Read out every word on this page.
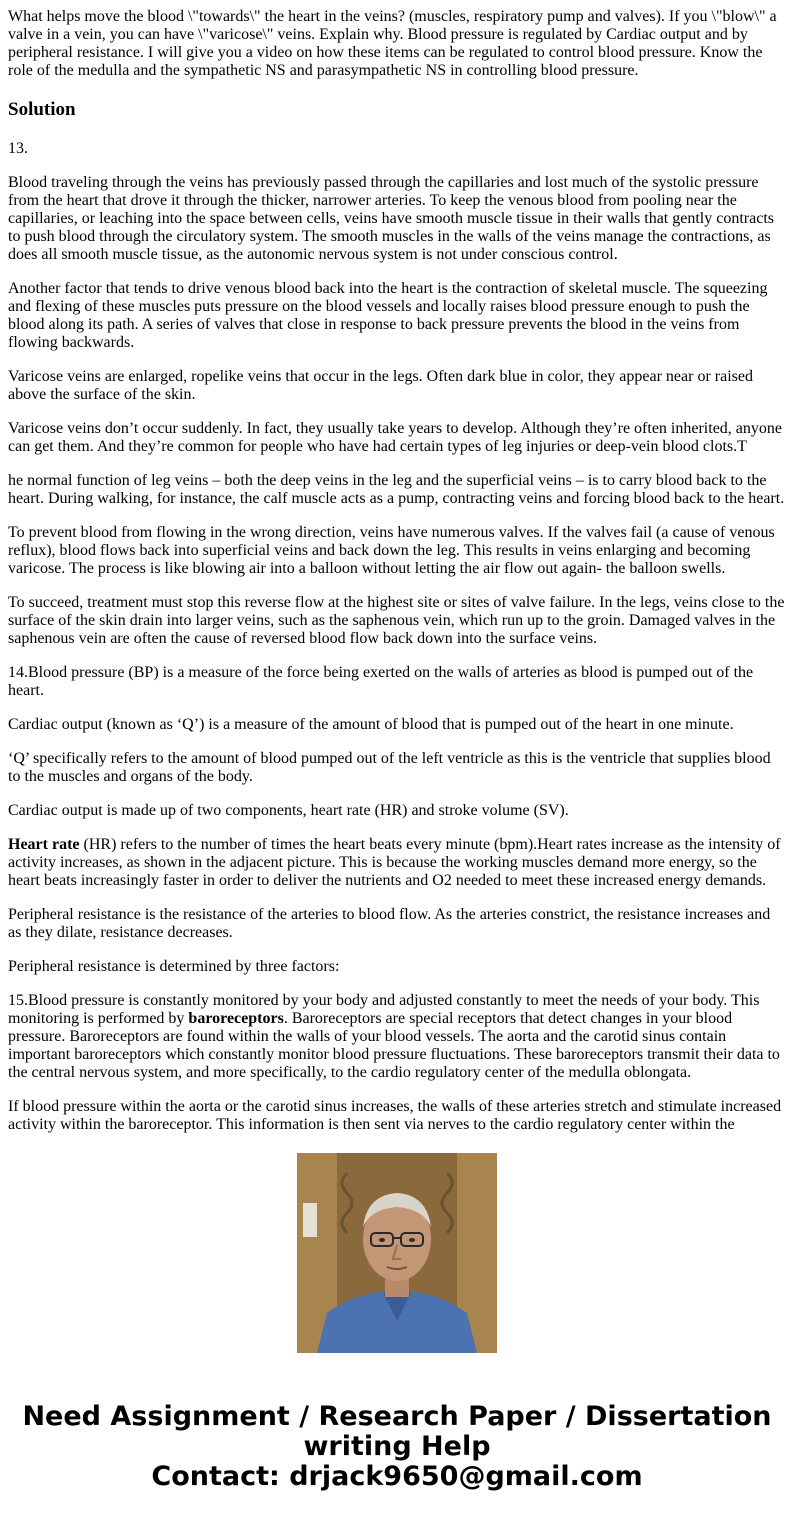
What helps move the blood \"towards\" the heart in the veins? (muscles, respiratory pump and valves). If you \"blow\" a valve in a vein, you can have \"varicose\" veins. Explain why. Blood pressure is regulated by Cardiac output and by peripheral resistance. I will give you a video on how these items can be regulated to control blood pressure. Know the role of the medulla and the sympathetic NS and parasympathetic NS in controlling blood pressure.

Solution

13.

Blood traveling through the veins has previously passed through the capillaries and lost much of the systolic pressure from the heart that drove it through the thicker, narrower arteries. To keep the venous blood from pooling near the capillaries, or leaching into the space between cells, veins have smooth muscle tissue in their walls that gently contracts to push blood through the circulatory system. The smooth muscles in the walls of the veins manage the contractions, as does all smooth muscle tissue, as the autonomic nervous system is not under conscious control.

Another factor that tends to drive venous blood back into the heart is the contraction of skeletal muscle. The squeezing and flexing of these muscles puts pressure on the blood vessels and locally raises blood pressure enough to push the blood along its path. A series of valves that close in response to back pressure prevents the blood in the veins from flowing backwards.

Varicose veins are enlarged, ropelike veins that occur in the legs. Often dark blue in color, they appear near or raised above the surface of the skin.

Varicose veins don’t occur suddenly. In fact, they usually take years to develop. Although they’re often inherited, anyone can get them. And they’re common for people who have had certain types of leg injuries or deep-vein blood clots.T

he normal function of leg veins – both the deep veins in the leg and the superficial veins – is to carry blood back to the heart. During walking, for instance, the calf muscle acts as a pump, contracting veins and forcing blood back to the heart.

To prevent blood from flowing in the wrong direction, veins have numerous valves. If the valves fail (a cause of venous reflux), blood flows back into superficial veins and back down the leg. This results in veins enlarging and becoming varicose. The process is like blowing air into a balloon without letting the air flow out again- the balloon swells.

To succeed, treatment must stop this reverse flow at the highest site or sites of valve failure. In the legs, veins close to the surface of the skin drain into larger veins, such as the saphenous vein, which run up to the groin. Damaged valves in the saphenous vein are often the cause of reversed blood flow back down into the surface veins.

14.Blood pressure (BP) is a measure of the force being exerted on the walls of arteries as blood is pumped out of the heart.

Cardiac output (known as ‘Q’) is a measure of the amount of blood that is pumped out of the heart in one minute.

‘Q’ specifically refers to the amount of blood pumped out of the left ventricle as this is the ventricle that supplies blood to the muscles and organs of the body.

Cardiac output is made up of two components, heart rate (HR) and stroke volume (SV).

Heart rate (HR) refers to the number of times the heart beats every minute (bpm).Heart rates increase as the intensity of activity increases, as shown in the adjacent picture. This is because the working muscles demand more energy, so the heart beats increasingly faster in order to deliver the nutrients and O2 needed to meet these increased energy demands.

Peripheral resistance is the resistance of the arteries to blood flow. As the arteries constrict, the resistance increases and as they dilate, resistance decreases.

Peripheral resistance is determined by three factors:

15.Blood pressure is constantly monitored by your body and adjusted constantly to meet the needs of your body. This monitoring is performed by baroreceptors. Baroreceptors are special receptors that detect changes in your blood pressure. Baroreceptors are found within the walls of your blood vessels. The aorta and the carotid sinus contain important baroreceptors which constantly monitor blood pressure fluctuations. These baroreceptors transmit their data to the central nervous system, and more specifically, to the cardio regulatory center of the medulla oblongata.

If blood pressure within the aorta or the carotid sinus increases, the walls of these arteries stretch and stimulate increased activity within the baroreceptor. This information is then sent via nerves to the cardio regulatory center within the

Need Assignment / Research Paper / Dissertation
writing Help
Contact: drjack9650@gmail.com
